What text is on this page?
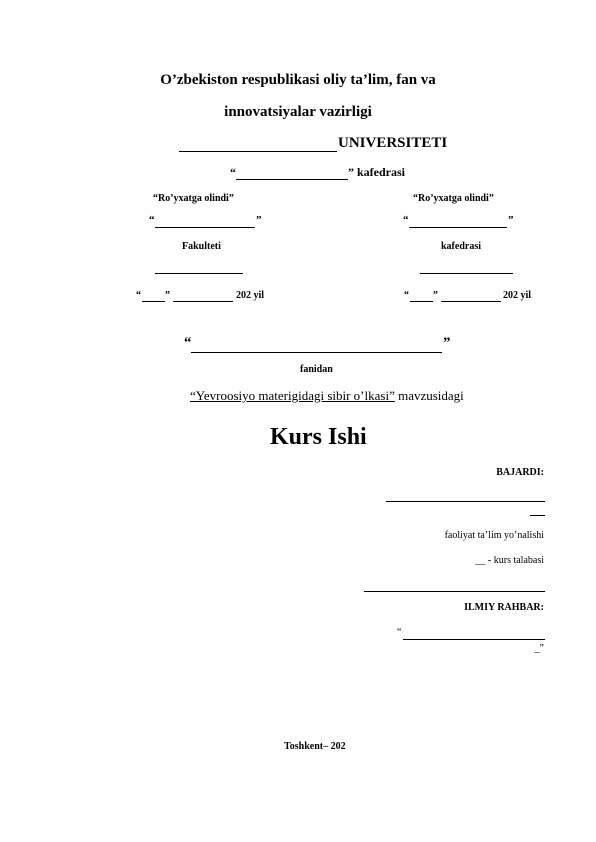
O’zbekiston respublikasi oliy ta’lim, fan va
innovatsiyalar vazirligi
UNIVERSITETI
“	” kafedrasi
“Ro’yxatga olindi”
“	”
Fakulteti
“ ”	202 yil
“Ro’yxatga olindi”
“	”
kafedrasi
“ ”	202 yil
“	”
fanidan
“Yevroosiyo materigidagi sibir o’lkasi” mavzusidagi
Kurs Ishi
BAJARDI:
faoliyat ta’lim yo’nalishi
__ - kurs talabasi
ILMIY RAHBAR:
“
_”
Toshkent– 202
